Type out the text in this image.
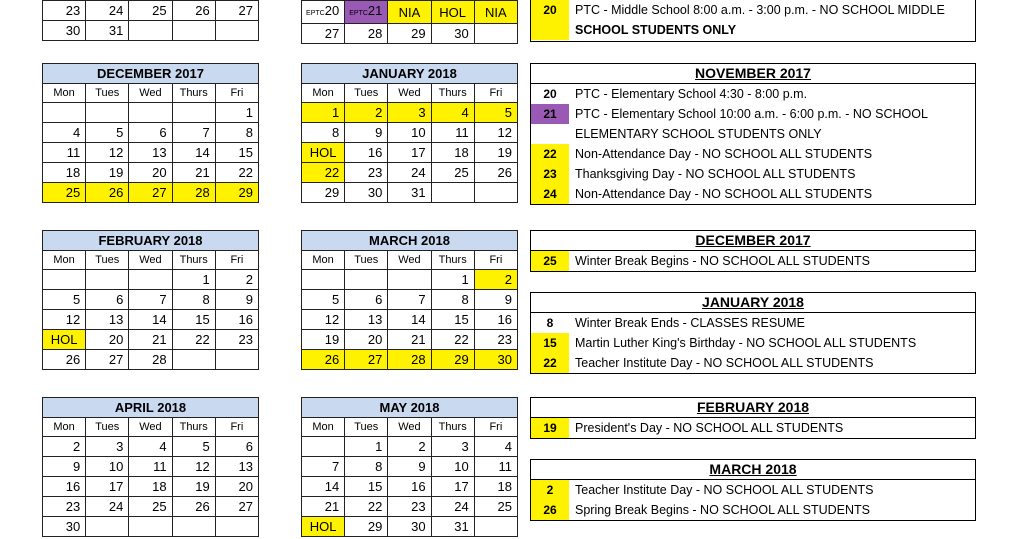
23	24	25	26	27
30	31			
EPTC20	EPTC21	NIA	HOL	NIA
27	28	29	30	
DECEMBER 2017				
Mon	Tues	Wed	Thurs	Fri
				1
4	5	6	7	8
11	12	13	14	15
18	19	20	21	22
25	26	27	28	29
JANUARY 2018				
Mon	Tues	Wed	Thurs	Fri
1	2	3	4	5
8	9	10	11	12
HOL	16	17	18	19
22	23	24	25	26
29	30	31		
FEBRUARY 2018				
Mon	Tues	Wed	Thurs	Fri
			1	2
5	6	7	8	9
12	13	14	15	16
HOL	20	21	22	23
26	27	28		
MARCH 2018				
Mon	Tues	Wed	Thurs	Fri
			1	2
5	6	7	8	9
12	13	14	15	16
19	20	21	22	23
26	27	28	29	30
APRIL 2018				
Mon	Tues	Wed	Thurs	Fri
2	3	4	5	6
9	10	11	12	13
16	17	18	19	20
23	24	25	26	27
30				
MAY 2018				
Mon	Tues	Wed	Thurs	Fri
	1	2	3	4
7	8	9	10	11
14	15	16	17	18
21	22	23	24	25
HOL	29	30	31	
20	PTC - Middle School 8:00 a.m. - 3:00 p.m. - NO SCHOOL MIDDLE
SCHOOL STUDENTS ONLY
NOVEMBER 2017
20	PTC - Elementary School 4:30 - 8:00 p.m.
21	PTC - Elementary School 10:00 a.m. - 6:00 p.m. - NO SCHOOL
ELEMENTARY SCHOOL STUDENTS ONLY
22	Non-Attendance Day - NO SCHOOL ALL STUDENTS
23	Thanksgiving Day - NO SCHOOL ALL STUDENTS
24	Non-Attendance Day - NO SCHOOL ALL STUDENTS
DECEMBER 2017
25	Winter Break Begins - NO SCHOOL ALL STUDENTS
JANUARY 2018
8	Winter Break Ends - CLASSES RESUME
15	Martin Luther King's Birthday - NO SCHOOL ALL STUDENTS
22	Teacher Institute Day - NO SCHOOL ALL STUDENTS
FEBRUARY 2018
19	President's Day - NO SCHOOL ALL STUDENTS
MARCH 2018
2	Teacher Institute Day - NO SCHOOL ALL STUDENTS
26	Spring Break Begins - NO SCHOOL ALL STUDENTS
